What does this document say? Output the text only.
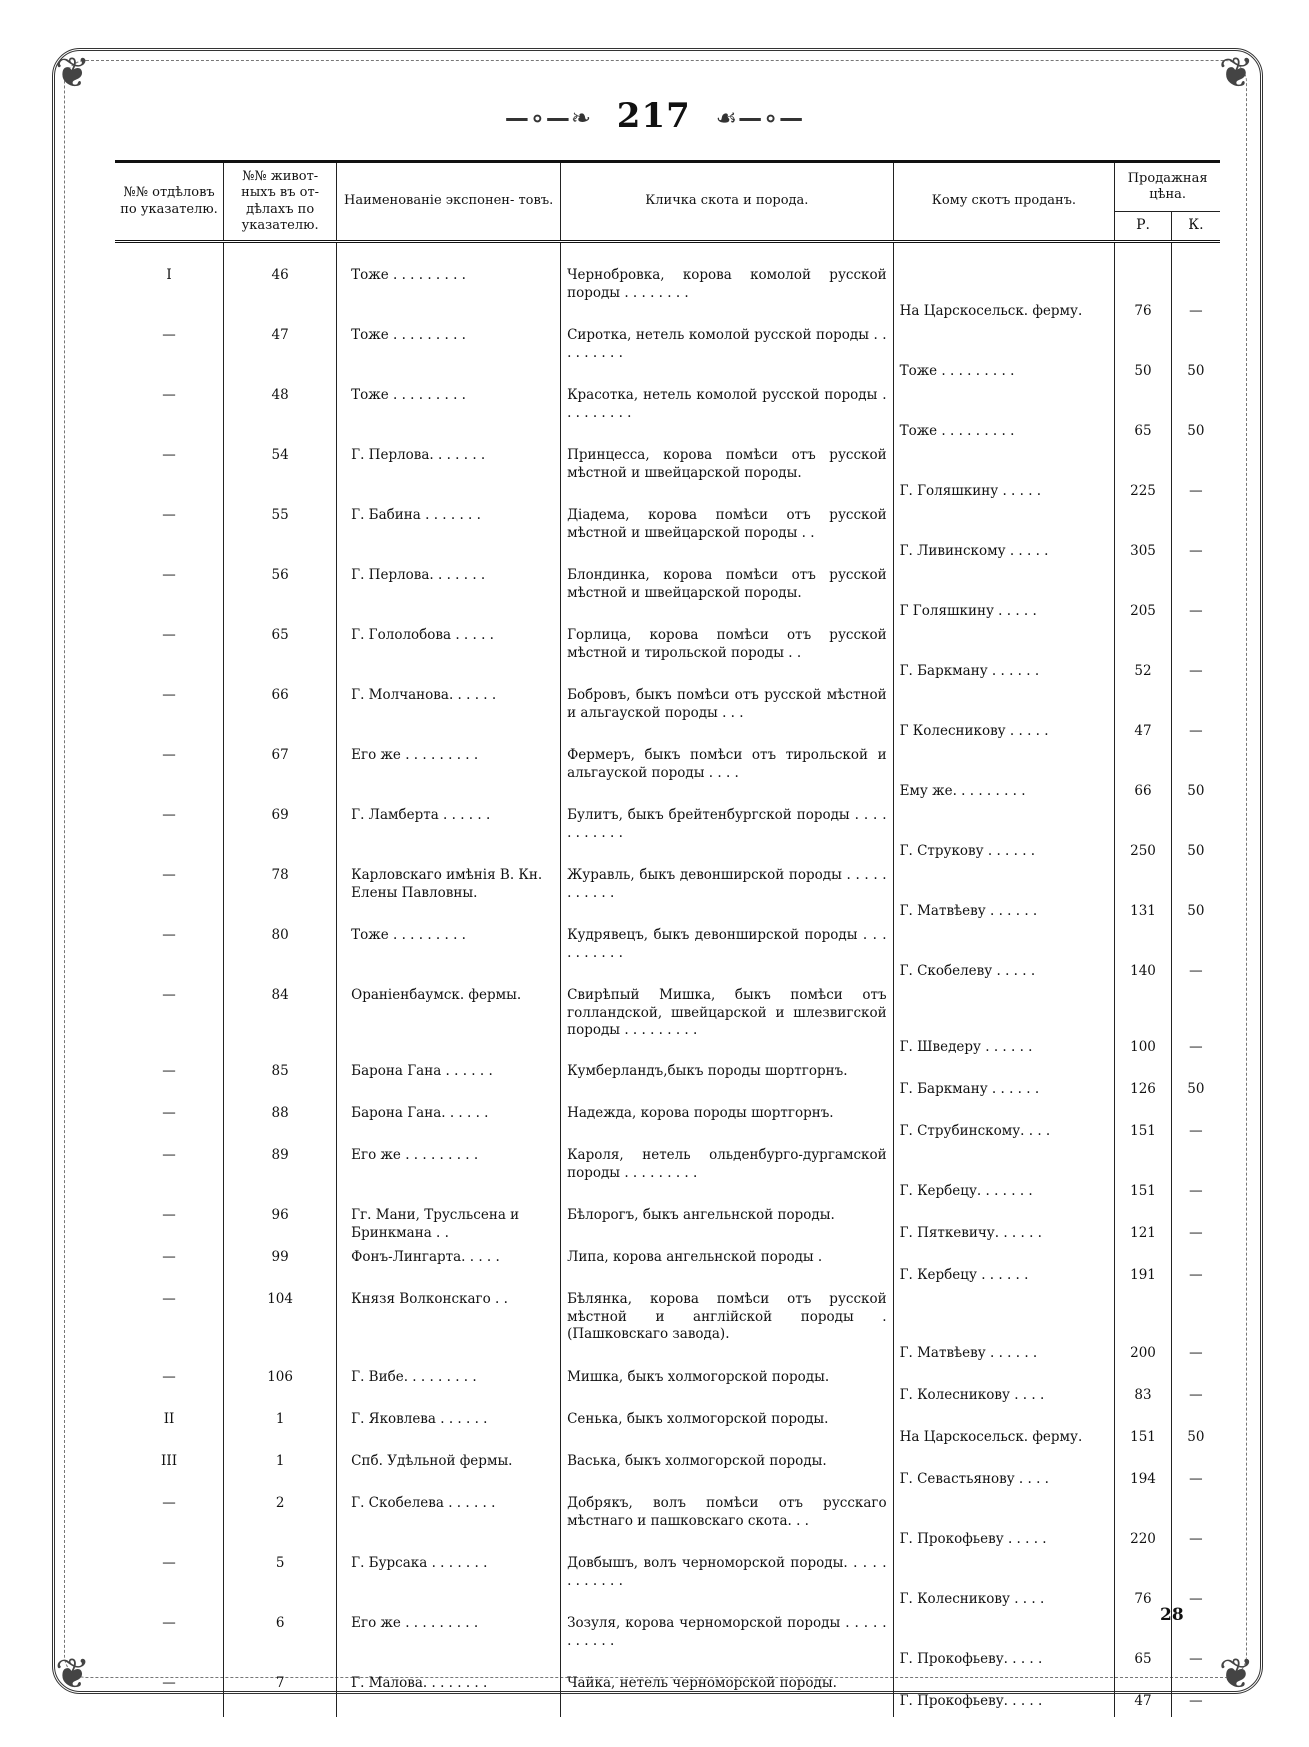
❦	❦
❦	❦
—∘—❧ 217 ☙—∘—
№№ отдѣловъ по указателю.	№№ живот- ныхъ въ от- дѣлахъ по указателю.	Наименованіе экспонен- товъ.	Кличка скота и порода.	Кому скотъ проданъ.	Продажная цѣна.	
					Р.	К.

I	46	Тоже . . . . . . . . .	Чернобровка, корова комолой русской породы . . . . . . . .	На Царскосельск. ферму.	76	—
—	47	Тоже . . . . . . . . .	Сиротка, нетель комолой русской породы . . . . . . . . .	Тоже . . . . . . . . .	50	50
—	48	Тоже . . . . . . . . .	Красотка, нетель комолой русской породы . . . . . . . . .	Тоже . . . . . . . . .	65	50
—	54	Г. Перлова. . . . . . .	Принцесса, корова помѣси отъ русской мѣстной и швейцарской породы.	Г. Голяшкину . . . . .	225	—
—	55	Г. Бабина . . . . . . .	Діадема, корова помѣси отъ русской мѣстной и швейцарской породы . .	Г. Ливинскому . . . . .	305	—
—	56	Г. Перлова. . . . . . .	Блондинка, корова помѣси отъ русской мѣстной и швейцарской породы.	Г Голяшкину . . . . .	205	—
—	65	Г. Гололобова . . . . .	Горлица, корова помѣси отъ русской мѣстной и тирольской породы . .	Г. Баркману . . . . . .	52	—
—	66	Г. Молчанова. . . . . .	Бобровъ, быкъ помѣси отъ русской мѣстной и альгауской породы . . .	Г Колесникову . . . . .	47	—
—	67	Его же . . . . . . . . .	Фермеръ, быкъ помѣси отъ тирольской и альгауской породы . . . .	Ему же. . . . . . . . .	66	50
—	69	Г. Ламберта . . . . . .	Булитъ, быкъ брейтенбургской породы . . . . . . . . . . .	Г. Струкову . . . . . .	250	50
—	78	Карловскаго имѣнія В. Кн. Елены Павловны.	Журавль, быкъ девонширской породы . . . . . . . . . . .	Г. Матвѣеву . . . . . .	131	50
—	80	Тоже . . . . . . . . .	Кудрявецъ, быкъ девонширской породы . . . . . . . . . .	Г. Скобелеву . . . . .	140	—
—	84	Ораніенбаумск. фермы.	Свирѣпый Мишка, быкъ помѣси отъ голландской, швейцарской и шлезвигской породы . . . . . . . . .	Г. Шведеру . . . . . .	100	—
—	85	Барона Гана . . . . . .	Кумберландъ,быкъ породы шортгорнъ.	Г. Баркману . . . . . .	126	50
—	88	Барона Гана. . . . . .	Надежда, корова породы шортгорнъ.	Г. Струбинскому. . . .	151	—
—	89	Его же . . . . . . . . .	Кароля, нетель ольденбурго-дургамской породы . . . . . . . . .	Г. Кербецу. . . . . . .	151	—
—	96	Гг. Мани, Трусльсена и Бринкмана . .	Бѣлорогъ, быкъ ангельнской породы.	Г. Пяткевичу. . . . . .	121	—
—	99	Фонъ-Лингарта. . . . .	Липа, корова ангельнской породы .	Г. Кербецу . . . . . .	191	—
—	104	Князя Волконскаго . .	Бѣлянка, корова помѣси отъ русской мѣстной и англійской породы . (Пашковскаго завода).	Г. Матвѣеву . . . . . .	200	—
—	106	Г. Вибе. . . . . . . . .	Мишка, быкъ холмогорской породы.	Г. Колесникову . . . .	83	—
II	1	Г. Яковлева . . . . . .	Сенька, быкъ холмогорской породы.	На Царскосельск. ферму.	151	50
III	1	Спб. Удѣльной фермы.	Васька, быкъ холмогорской породы.	Г. Севастьянову . . . .	194	—
—	2	Г. Скобелева . . . . . .	Добрякъ, волъ помѣси отъ русскаго мѣстнаго и пашковскаго скота. . .	Г. Прокофьеву . . . . .	220	—
—	5	Г. Бурсака . . . . . . .	Довбышъ, волъ черноморской породы. . . . . . . . . . . .	Г. Колесникову . . . .	76	—
—	6	Его же . . . . . . . . .	Зозуля, корова черноморской породы . . . . . . . . . . .	Г. Прокофьеву. . . . .	65	—
—	7	Г. Малова. . . . . . . .	Чайка, нетель черноморской породы.	Г. Прокофьеву. . . . .	47	—
28
